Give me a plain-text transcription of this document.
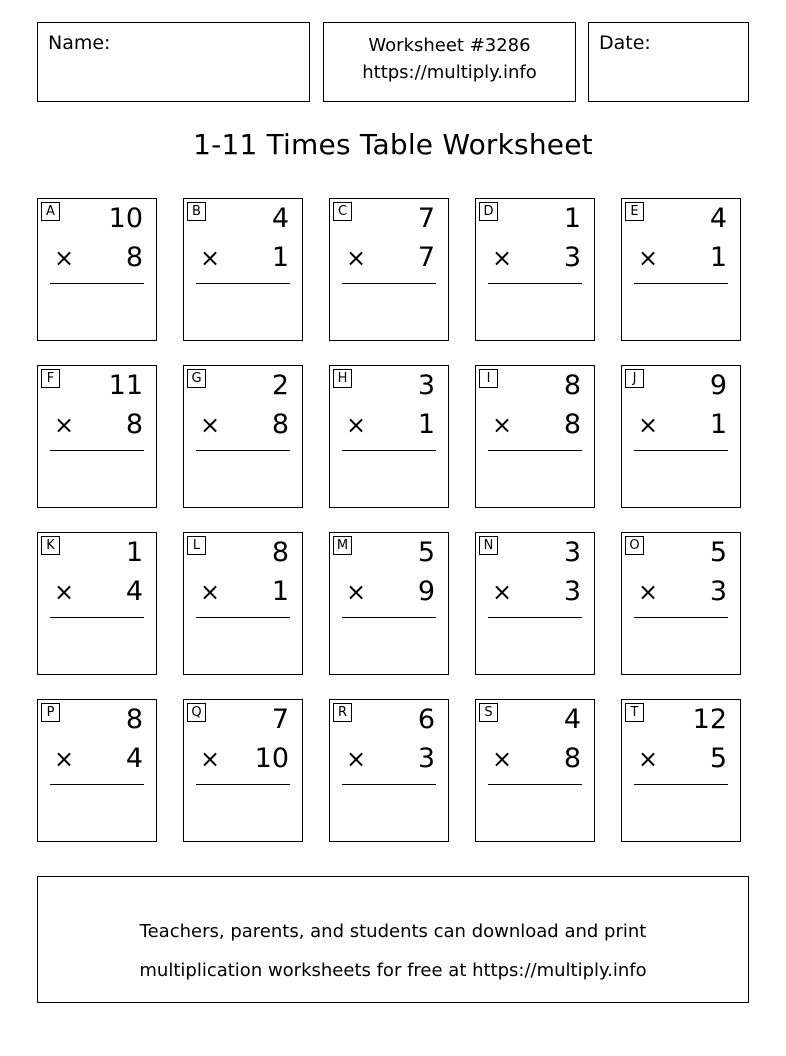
Name:	Worksheet #3286
https://multiply.info
Date:
1-11 Times Table Worksheet
A 10
× 8
B	4
× 1
C	7
× 7
D	1
× 3
E	4
× 1
F 11
× 8
G	2
× 8
H	3
× 1
I	8
× 8
J	9
× 1
K	1
× 4
L	8
× 1
M	5
× 9
N	3
× 3
O	5
× 3
P	8
× 4
Q	7
× 10
R	6
× 3
S	4
× 8
T 12
× 5
Teachers, parents, and students can download and print
multiplication worksheets for free at https://multiply.info
